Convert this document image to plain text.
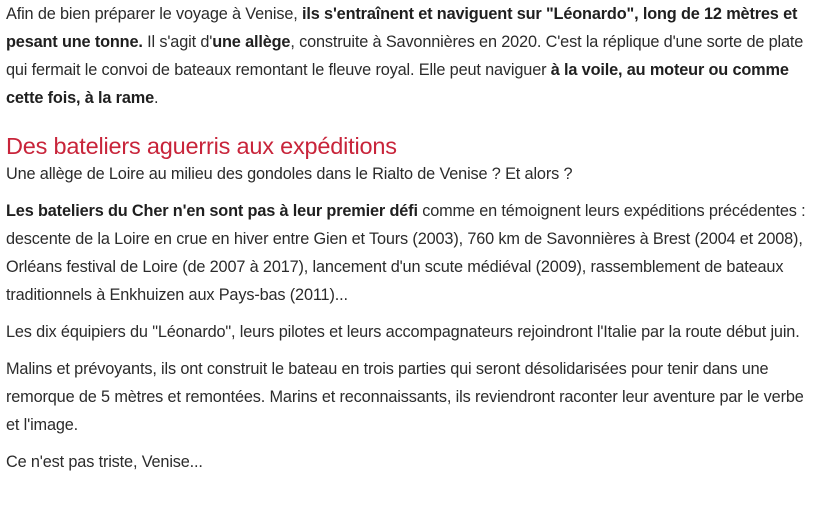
Afin de bien préparer le voyage à Venise, ils s'entraînent et naviguent sur "Léonardo", long de 12 mètres et pesant une tonne. Il s'agit d'une allège, construite à Savonnières en 2020. C'est la réplique d'une sorte de plate qui fermait le convoi de bateaux remontant le fleuve royal. Elle peut naviguer à la voile, au moteur ou comme cette fois, à la rame.

Des bateliers aguerris aux expéditions

Une allège de Loire au milieu des gondoles dans le Rialto de Venise ? Et alors ?

Les bateliers du Cher n'en sont pas à leur premier défi comme en témoignent leurs expéditions précédentes : descente de la Loire en crue en hiver entre Gien et Tours (2003), 760 km de Savonnières à Brest (2004 et 2008), Orléans festival de Loire (de 2007 à 2017), lancement d'un scute médiéval (2009), rassemblement de bateaux traditionnels à Enkhuizen aux Pays-bas (2011)...

Les dix équipiers du "Léonardo", leurs pilotes et leurs accompagnateurs rejoindront l'Italie par la route début juin.

Malins et prévoyants, ils ont construit le bateau en trois parties qui seront désolidarisées pour tenir dans une remorque de 5 mètres et remontées. Marins et reconnaissants, ils reviendront raconter leur aventure par le verbe et l'image.

Ce n'est pas triste, Venise...
